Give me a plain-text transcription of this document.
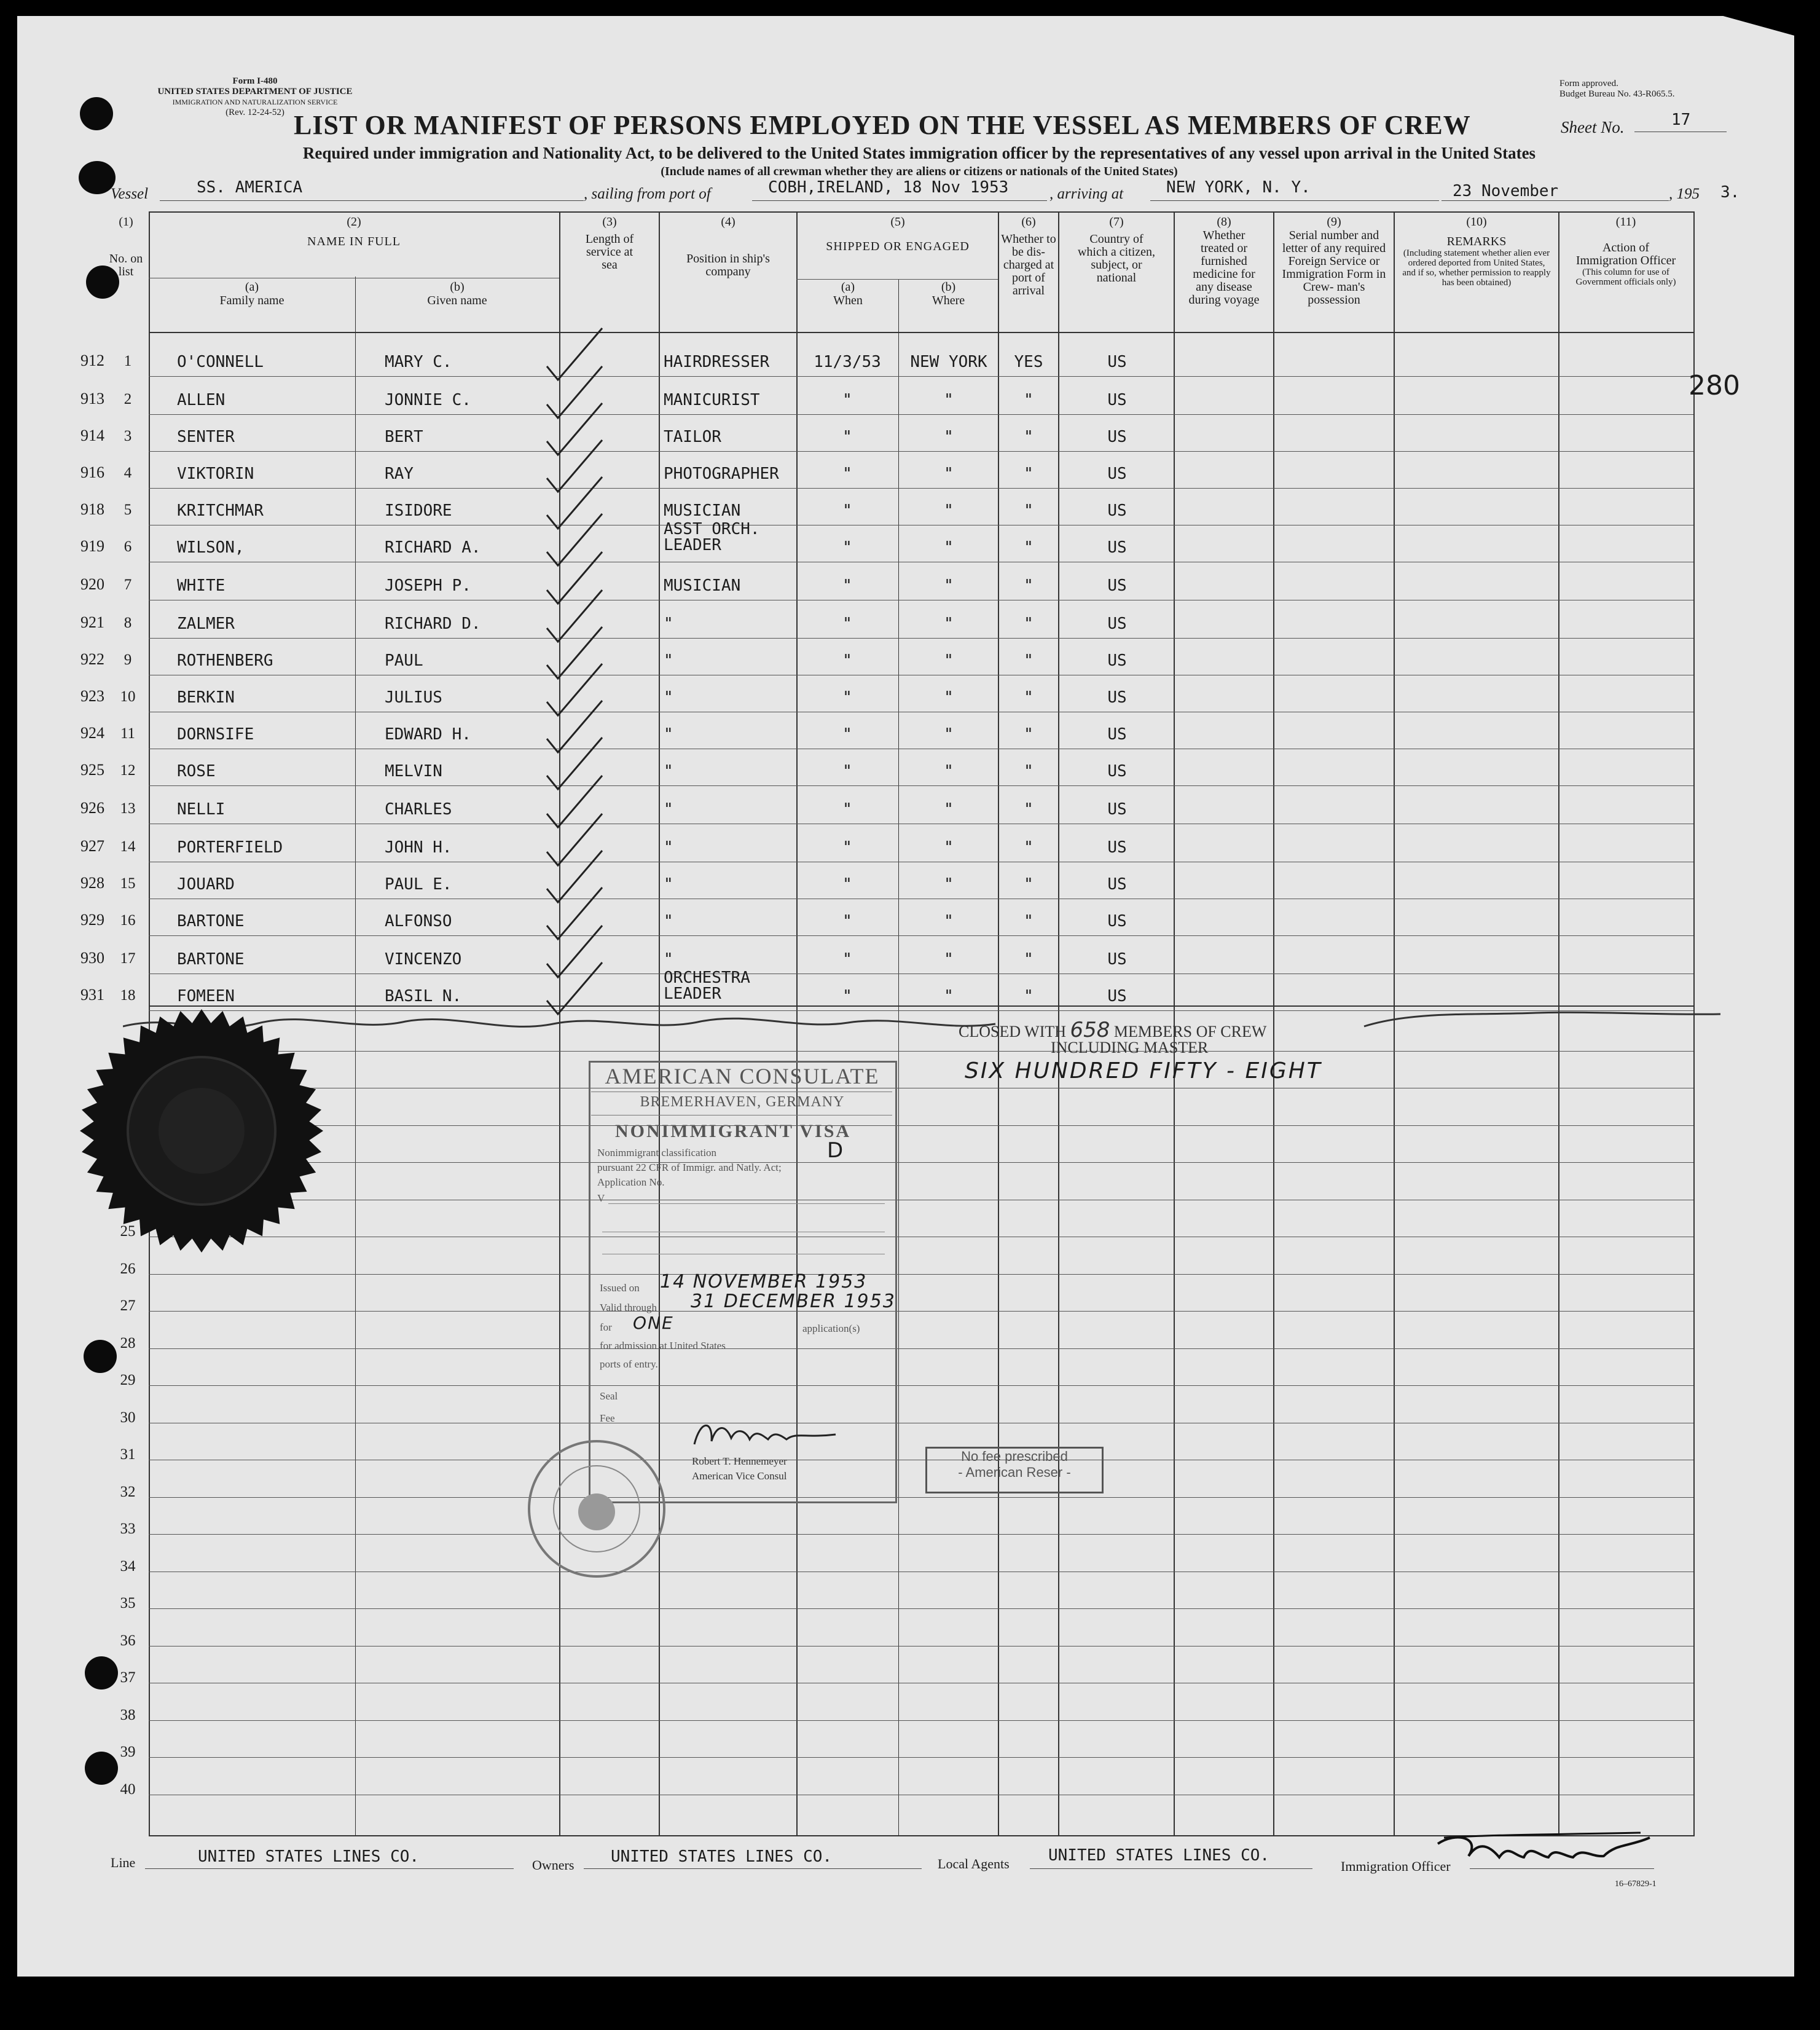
Form I-480
UNITED STATES DEPARTMENT OF JUSTICE
IMMIGRATION AND NATURALIZATION SERVICE
(Rev. 12-24-52)
Form approved.
Budget Bureau No. 43-R065.5.
LIST OR MANIFEST OF PERSONS EMPLOYED ON THE VESSEL AS MEMBERS OF CREW	Sheet No.	17
Required under immigration and Nationality Act, to be delivered to the United States immigration officer by the representatives of any vessel upon arrival in the United States
(Include names of all crewman whether they are aliens or citizens or nationals of the United States)
Vessel	SS. AMERICA	, sailing from port of	COBH,IRELAND, 18 Nov 1953	, arriving at	NEW YORK, N. Y.	23 November	, 195 3.
(1)
No. on list
(2)
NAME IN FULL
(a)
Family name
(b)
Given name
(3)
Length of service at sea
(4)
Position in ship's company
(5)
SHIPPED OR ENGAGED
(a)
When
(b)
Where
(6)
Whether to be dis- charged at port of arrival
(7)
Country of which a citizen, subject, or national
(8)
Whether treated or furnished medicine for any disease during voyage
(9)
Serial number and letter of any required Foreign Service or Immigration Form in Crew- man's possession
(10)
REMARKS
(Including statement whether alien ever ordered deported from United States, and if so, whether permission to reapply has been obtained)
(11)
Action of Immigration Officer
(This column for use of Government officials only)
912	1	O'CONNELL	MARY C.	HAIRDRESSER	11/3/53	NEW YORK	YES	US
913	2	ALLEN	JONNIE C.	MANICURIST	"	"	"	US
914	3	SENTER	BERT	TAILOR	"	"	"	US
916	4	VIKTORIN	RAY	PHOTOGRAPHER	"	"	"	US
918	5	KRITCHMAR	ISIDORE	MUSICIAN	"	"	"	US
919	6	WILSON,	RICHARD A.
ASST ORCH. LEADER	"	"	"	US
920	7	WHITE	JOSEPH P.	MUSICIAN	"	"	"	US
921	8	ZALMER	RICHARD D.	"	"	"	"	US
922	9	ROTHENBERG	PAUL	"	"	"	"	US
923	10	BERKIN	JULIUS	"	"	"	"	US
924	11	DORNSIFE	EDWARD H.	"	"	"	"	US
925	12	ROSE	MELVIN	"	"	"	"	US
926	13	NELLI	CHARLES	"	"	"	"	US
927	14	PORTERFIELD	JOHN H.	"	"	"	"	US
928	15	JOUARD	PAUL E.	"	"	"	"	US
929	16	BARTONE	ALFONSO	"	"	"	"	US
930	17	BARTONE	VINCENZO	"	"	"	"	US
931	18	FOMEEN	BASIL N.
ORCHESTRA LEADER	"	"	"	US
25
26
27
28
29
30
31
32
33
34
35
36
37
38
39
40
280
CLOSED WITH 658 MEMBERS OF CREW
INCLUDING MASTER
SIX HUNDRED FIFTY - EIGHT
AMERICAN CONSULATE
BREMERHAVEN, GERMANY
NONIMMIGRANT VISA
D
Nonimmigrant classification
pursuant 22 CFR of Immigr. and Natly. Act;
Application No.
V
Issued on 14 NOVEMBER 1953
Valid through 31 DECEMBER 1953
for ONE	application(s)
for admission at United States
ports of entry.
Seal
Fee
Robert T. Hennemeyer
American Vice Consul
No fee prescribed
- American Reser -
Line	UNITED STATES LINES CO.	Owners UNITED STATES LINES CO.	Local Agents UNITED STATES LINES CO.
Immigration Officer
Hennessey
16–67829-1
